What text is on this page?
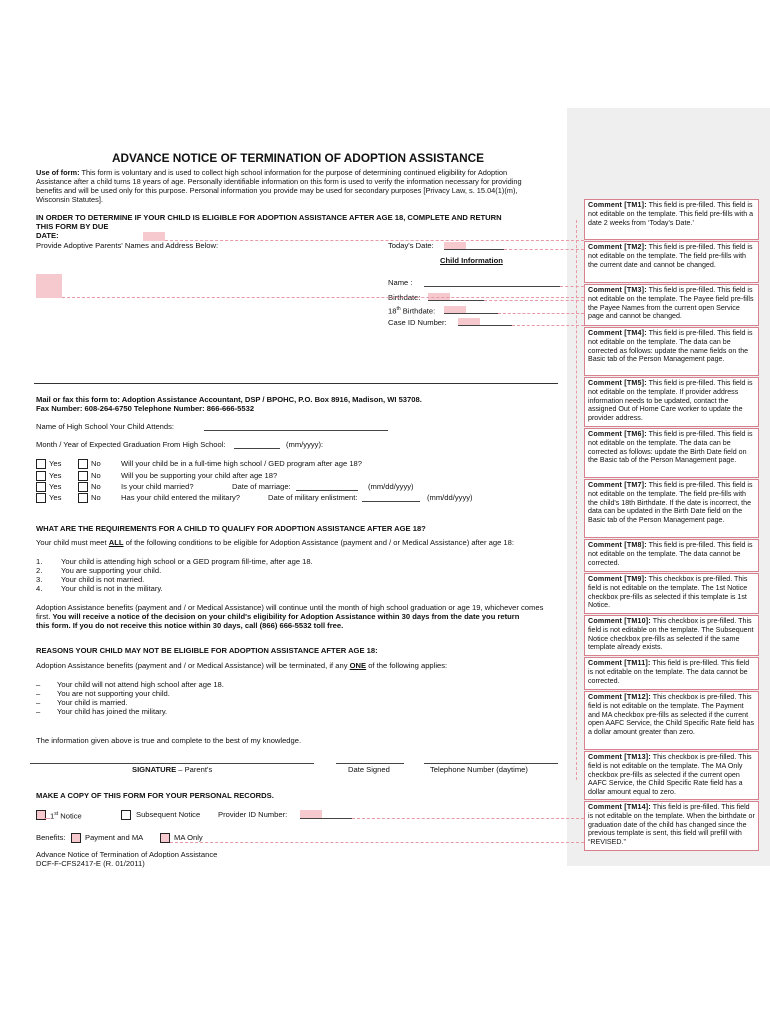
ADVANCE NOTICE OF TERMINATION OF ADOPTION ASSISTANCE
Use of form: This form is voluntary and is used to collect high school information for the purpose of determining continued eligibility for Adoption
Assistance after a child turns 18 years of age. Personally identifiable information on this form is used to verify the information necessary for providing
benefits and will be used only for this purpose. Personal information you provide may be used for secondary purposes [Privacy Law, s. 15.04(1)(m),
Wisconsin Statutes].
IN ORDER TO DETERMINE IF YOUR CHILD IS ELIGIBLE FOR ADOPTION ASSISTANCE AFTER AGE 18, COMPLETE AND RETURN
THIS FORM BY DUE
DATE:
Provide Adoptive Parents' Names and Address Below:	Today's Date:
Child Information
Name :
Birthdate:
18th Birthdate:
Case ID Number:
Mail or fax this form to: Adoption Assistance Accountant, DSP / BPOHC, P.O. Box 8916, Madison, WI 53708.
Fax Number: 608-264-6750 Telephone Number: 866-666-5532
Name of High School Your Child Attends:
Month / Year of Expected Graduation From High School:	(mm/yyyy):
Yes	No	Will your child be in a full-time high school / GED program after age 18?
Yes	No	Will you be supporting your child after age 18?
Yes	No	Is your child married?	Date of marriage:	(mm/dd/yyyy)
Yes	No	Has your child entered the military?	Date of military enlistment:	(mm/dd/yyyy)
WHAT ARE THE REQUIREMENTS FOR A CHILD TO QUALIFY FOR ADOPTION ASSISTANCE AFTER AGE 18?
Your child must meet ALL of the following conditions to be eligible for Adoption Assistance (payment and / or Medical Assistance) after age 18:
1. Your child is attending high school or a GED program fill-time, after age 18.
2. You are supporting your child.
3. Your child is not married.
4. Your child is not in the military.
Adoption Assistance benefits (payment and / or Medical Assistance) will continue until the month of high school graduation or age 19, whichever comes
first. You will receive a notice of the decision on your child's eligibility for Adoption Assistance within 30 days from the date you return
this form. If you do not receive this notice within 30 days, call (866) 666-5532 toll free.
REASONS YOUR CHILD MAY NOT BE ELIGIBLE FOR ADOPTION ASSISTANCE AFTER AGE 18:
Adoption Assistance benefits (payment and / or Medical Assistance) will be terminated, if any ONE of the following applies:
– Your child will not attend high school after age 18.
– You are not supporting your child.
– Your child is married.
– Your child has joined the military.
The information given above is true and complete to the best of my knowledge.
SIGNATURE – Parent's	Date Signed	Telephone Number (daytime)
MAKE A COPY OF THIS FORM FOR YOUR PERSONAL RECORDS.
1st Notice	Subsequent Notice Provider ID Number:
Benefits:	Payment and MA	MA Only
Advance Notice of Termination of Adoption Assistance
DCF-F-CFS2417-E (R. 01/2011)
Comment [TM1]: This field is pre-filled. This field is not editable on the template. This field pre-fills with a date 2 weeks from ‘Today’s Date.’
Comment [TM2]: This field is pre-filled. This field is not editable on the template. The field pre-fills with the current date and cannot be changed.
Comment [TM3]: This field is pre-filled. This field is not editable on the template. The Payee field pre-fills the Payee Names from the current open Service page and cannot be changed.
Comment [TM4]: This field is pre-filled. This field is not editable on the template. The data can be corrected as follows: update the name fields on the Basic tab of the Person Management page.
Comment [TM5]: This field is pre-filled. This field is not editable on the template. If provider address information needs to be updated, contact the assigned Out of Home Care worker to update the provider address.
Comment [TM6]: This field is pre-filled. This field is not editable on the template. The data can be corrected as follows: update the Birth Date field on the Basic tab of the Person Management page.
Comment [TM7]: This field is pre-filled. This field is not editable on the template. The field pre-fills with the child's 18th Birthdate. If the date is incorrect, the data can be updated in the Birth Date field on the Basic tab of the Person Management page.
Comment [TM8]: This field is pre-filled. This field is not editable on the template. The data cannot be corrected.
Comment [TM9]: This checkbox is pre-filled. This field is not editable on the template. The 1st Notice checkbox pre-fills as selected if this template is 1st Notice.
Comment [TM10]: This checkbox is pre-filled. This field is not editable on the template. The Subsequent Notice checkbox pre-fills as selected if the same template already exists.
Comment [TM11]: This field is pre-filled. This field is not editable on the template. The data cannot be corrected.
Comment [TM12]: This checkbox is pre-filled. This field is not editable on the template. The Payment and MA checkbox pre-fills as selected if the current open AAFC Service, the Child Specific Rate field has a dollar amount greater than zero.
Comment [TM13]: This checkbox is pre-filled. This field is not editable on the template. The MA Only checkbox pre-fills as selected if the current open AAFC Service, the Child Specific Rate field has a dollar amount equal to zero.
Comment [TM14]: This field is pre-filled. This field is not editable on the template. When the birthdate or graduation date of the child has changed since the previous template is sent, this field will prefill with “REVISED.”
